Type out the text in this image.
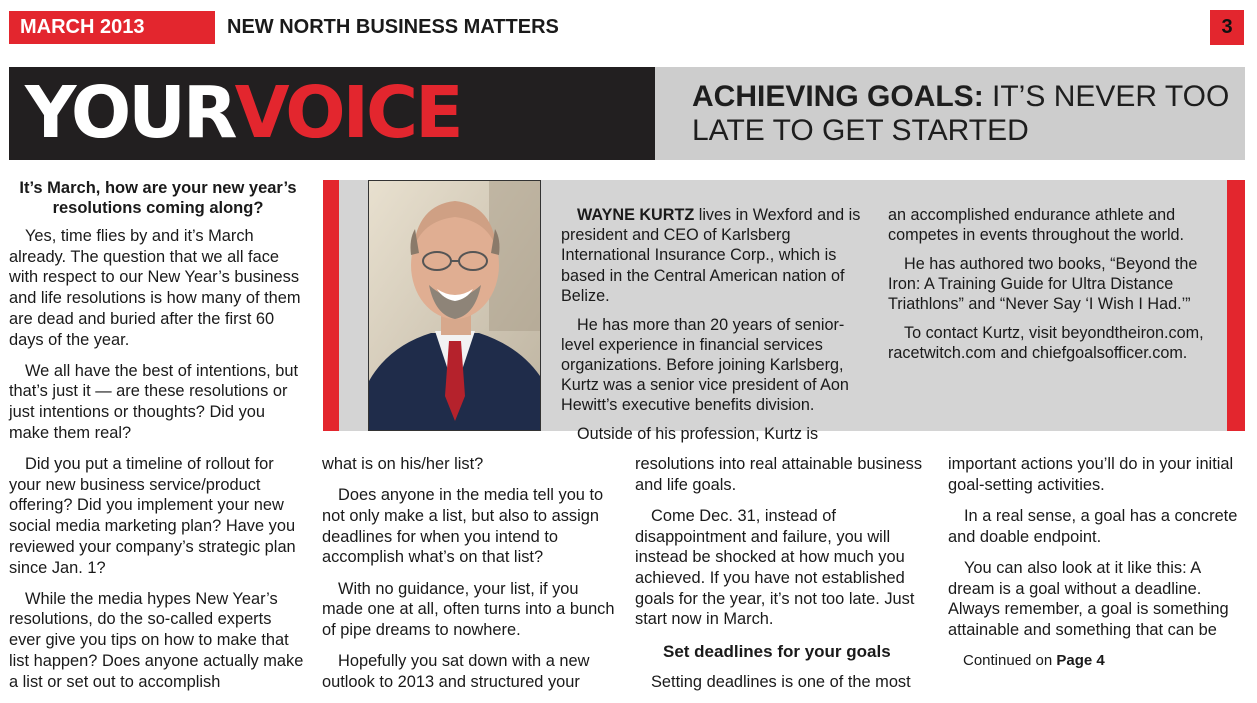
MARCH 2013	NEW NORTH BUSINESS MATTERS	3
YOURVOICE	ACHIEVING GOALS: IT’S NEVER TOO LATE TO GET STARTED
It’s March, how are your new year’s resolutions coming along?

Yes, time flies by and it’s March already. The question that we all face with respect to our New Year’s business and life resolutions is how many of them are dead and buried after the first 60 days of the year.

We all have the best of intentions, but that’s just it — are these resolutions or just intentions or thoughts? Did you make them real?

Did you put a timeline of rollout for your new business service/product offering? Did you implement your new social media marketing plan? Have you reviewed your company’s strategic plan since Jan. 1?

While the media hypes New Year’s resolutions, do the so-called experts ever give you tips on how to make that list happen? Does anyone actually make a list or set out to accomplish

WAYNE KURTZ lives in Wexford and is president and CEO of Karlsberg International Insurance Corp., which is based in the Central American nation of Belize.

He has more than 20 years of senior-level experience in financial services organizations. Before joining Karlsberg, Kurtz was a senior vice president of Aon Hewitt’s executive benefits division.

Outside of his profession, Kurtz is

an accomplished endurance athlete and competes in events throughout the world.

He has authored two books, “Beyond the Iron: A Training Guide for Ultra Distance Triathlons” and “Never Say ‘I Wish I Had.’”

To contact Kurtz, visit beyondtheiron.com, racetwitch.com and chiefgoalsofficer.com.

what is on his/her list?

Does anyone in the media tell you to not only make a list, but also to assign deadlines for when you intend to accomplish what’s on that list?

With no guidance, your list, if you made one at all, often turns into a bunch of pipe dreams to nowhere.

Hopefully you sat down with a new outlook to 2013 and structured your

resolutions into real attainable business and life goals.

Come Dec. 31, instead of disappointment and failure, you will instead be shocked at how much you achieved. If you have not established goals for the year, it’s not too late. Just start now in March.

Set deadlines for your goals

Setting deadlines is one of the most

important actions you’ll do in your initial goal-setting activities.

In a real sense, a goal has a concrete and doable endpoint.

You can also look at it like this: A dream is a goal without a deadline. Always remember, a goal is something attainable and something that can be

Continued on Page 4
